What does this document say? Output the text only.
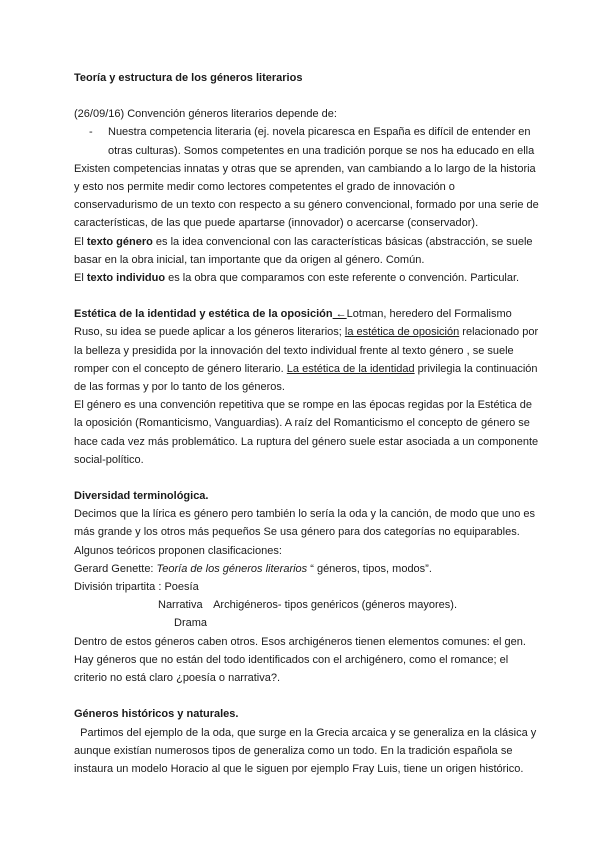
Teoría y estructura de los géneros literarios

(26/09/16) Convención géneros literarios depende de:

- Nuestra competencia literaria (ej. novela picaresca en España es difícil de entender en otras culturas). Somos competentes en una tradición porque se nos ha educado en ella

Existen competencias innatas y otras que se aprenden, van cambiando a lo largo de la historia y esto nos permite medir como lectores competentes el grado de innovación o conservadurismo de un texto con respecto a su género convencional, formado por una serie de características, de las que puede apartarse (innovador) o acercarse (conservador).

El texto género es la idea convencional con las características básicas (abstracción, se suele basar en la obra inicial, tan importante que da origen al género. Común.

El texto individuo es la obra que comparamos con este referente o convención. Particular.

Estética de la identidad y estética de la oposición ←Lotman, heredero del Formalismo Ruso, su idea se puede aplicar a los géneros literarios; la estética de oposición relacionado por la belleza y presidida por la innovación del texto individual frente al texto género , se suele romper con el concepto de género literario. La estética de la identidad privilegia la continuación de las formas y por lo tanto de los géneros.

El género es una convención repetitiva que se rompe en las épocas regidas por la Estética de la oposición (Romanticismo, Vanguardias). A raíz del Romanticismo el concepto de género se hace cada vez más problemático. La ruptura del género suele estar asociada a un componente social-político.

Diversidad terminológica.

Decimos que la lírica es género pero también lo sería la oda y la canción, de modo que uno es más grande y los otros más pequeños Se usa género para dos categorías no equiparables.

Algunos teóricos proponen clasificaciones:

Gerard Genette: Teoría de los géneros literarios “ géneros, tipos, modos”.

División tripartita : Poesía

Narrativa Archigéneros- tipos genéricos (géneros mayores).

Drama

Dentro de estos géneros caben otros. Esos archigéneros tienen elementos comunes: el gen. Hay géneros que no están del todo identificados con el archigénero, como el romance; el criterio no está claro ¿poesía o narrativa?.

Géneros históricos y naturales.

Partimos del ejemplo de la oda, que surge en la Grecia arcaica y se generaliza en la clásica y aunque existían numerosos tipos de generaliza como un todo. En la tradición española se instaura un modelo Horacio al que le siguen por ejemplo Fray Luis, tiene un origen histórico.
